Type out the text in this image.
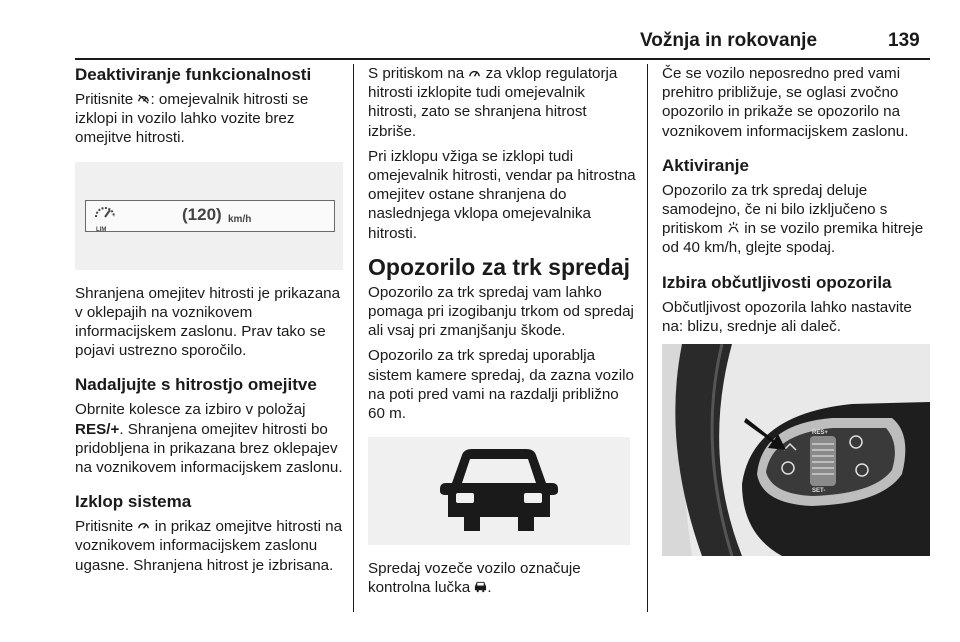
Vožnja in rokovanje	139
Deaktiviranje funkcionalnosti

Pritisnite : omejevalnik hitrosti se izklopi in vozilo lahko vozite brez omejitve hitrosti.

LIM
(120) km/h

Shranjena omejitev hitrosti je prikazana v oklepajih na voznikovem informacijskem zaslonu. Prav tako se pojavi ustrezno sporočilo.

Nadaljujte s hitrostjo omejitve

Obrnite kolesce za izbiro v položaj RES/+. Shranjena omejitev hitrosti bo pridobljena in prikazana brez oklepajev na voznikovem informacijskem zaslonu.

Izklop sistema

Pritisnite  in prikaz omejitve hitrosti na voznikovem informacijskem zaslonu ugasne. Shranjena hitrost je izbrisana.

S pritiskom na  za vklop regulatorja hitrosti izklopite tudi omejevalnik hitrosti, zato se shranjena hitrost izbriše.

Pri izklopu vžiga se izklopi tudi omejevalnik hitrosti, vendar pa hitrostna omejitev ostane shranjena do naslednjega vklopa omejevalnika hitrosti.

Opozorilo za trk spredaj

Opozorilo za trk spredaj vam lahko pomaga pri izogibanju trkom od spredaj ali vsaj pri zmanjšanju škode.

Opozorilo za trk spredaj uporablja sistem kamere spredaj, da zazna vozilo na poti pred vami na razdalji približno 60 m.

Spredaj vozeče vozilo označuje kontrolna lučka .

Če se vozilo neposredno pred vami prehitro približuje, se oglasi zvočno opozorilo in prikaže se opozorilo na voznikovem informacijskem zaslonu.

Aktiviranje

Opozorilo za trk spredaj deluje samodejno, če ni bilo izključeno s pritiskom  in se vozilo premika hitreje od 40 km/h, glejte spodaj.

Izbira občutljivosti opozorila

Občutljivost opozorila lahko nastavite na: blizu, srednje ali daleč.

RES+
SET-
